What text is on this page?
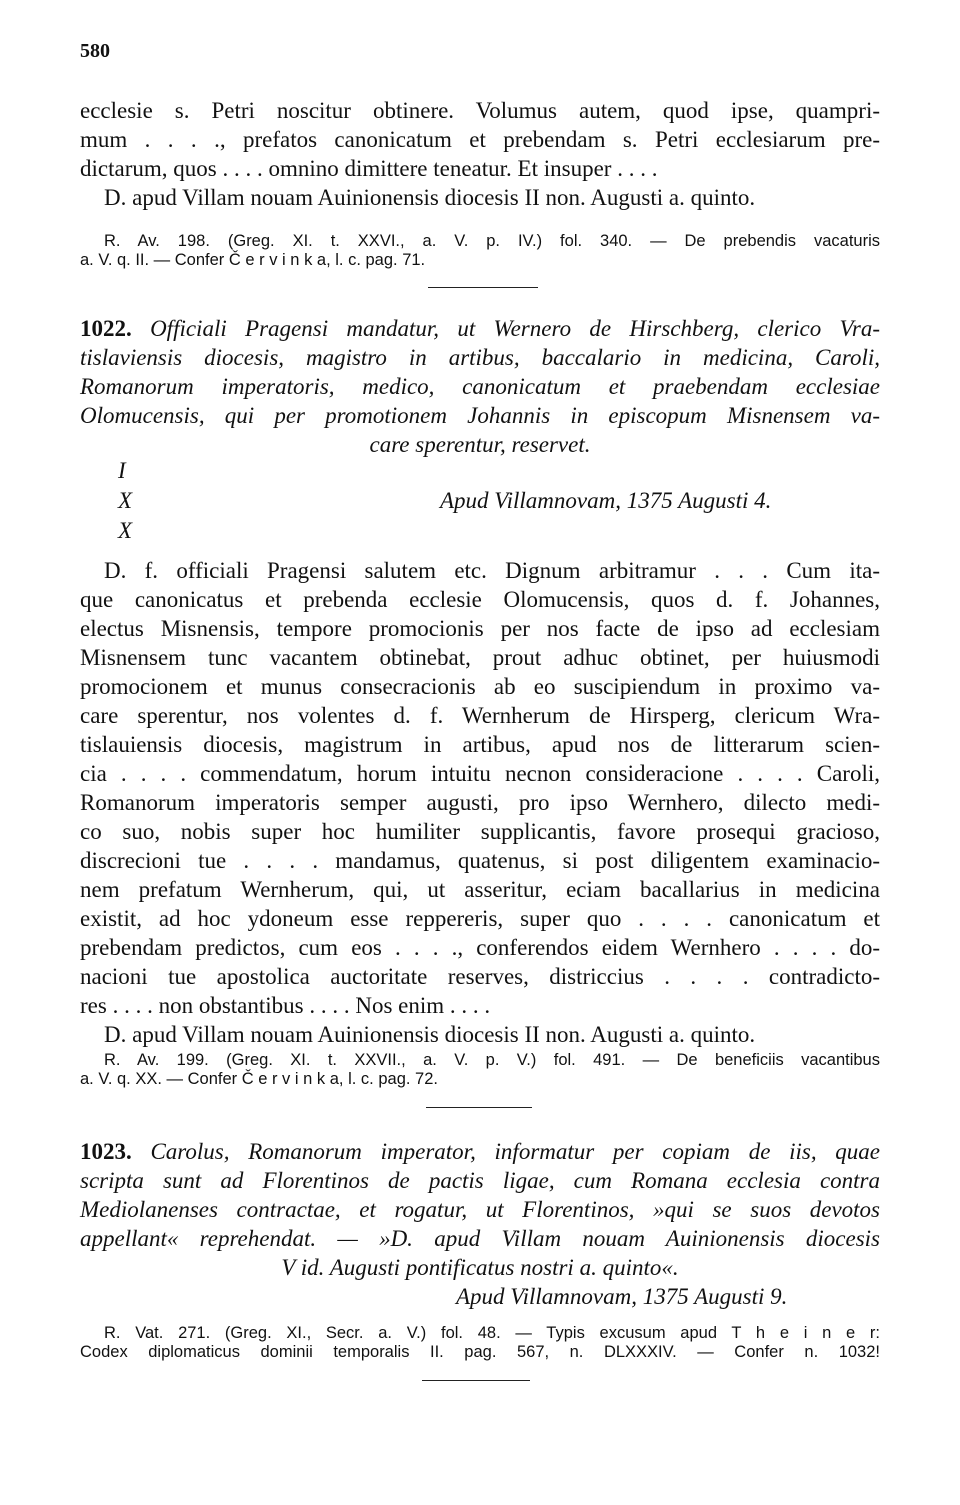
580
ecclesie s. Petri noscitur obtinere. Volumus autem, quod ipse, quampri-
mum . . . ., prefatos canonicatum et prebendam s. Petri ecclesiarum pre-
dictarum, quos . . . . omnino dimittere teneatur. Et insuper . . . .
D. apud Villam nouam Auinionensis diocesis II non. Augusti a. quinto.
R. Av. 198. (Greg. XI. t. XXVI., a. V. p. IV.) fol. 340. — De prebendis vacaturis
a. V. q. II. — Confer Č e r v i n k a, l. c. pag. 71.
1022. Officiali Pragensi mandatur, ut Wernero de Hirschberg, clerico Vra-
tislaviensis diocesis, magistro in artibus, baccalario in medicina, Caroli,
Romanorum imperatoris, medico, canonicatum et praebendam ecclesiae
Olomucensis, qui per promotionem Johannis in episcopum Misnensem va-
care sperentur, reservet.
I
X
X
Apud Villamnovam, 1375 Augusti 4.
D. f. officiali Pragensi salutem etc. Dignum arbitramur . . . Cum ita-
que canonicatus et prebenda ecclesie Olomucensis, quos d. f. Johannes,
electus Misnensis, tempore promocionis per nos facte de ipso ad ecclesiam
Misnensem tunc vacantem obtinebat, prout adhuc obtinet, per huiusmodi
promocionem et munus consecracionis ab eo suscipiendum in proximo va-
care sperentur, nos volentes d. f. Wernherum de Hirsperg, clericum Wra-
tislauiensis diocesis, magistrum in artibus, apud nos de litterarum scien-
cia . . . . commendatum, horum intuitu necnon consideracione . . . . Caroli,
Romanorum imperatoris semper augusti, pro ipso Wernhero, dilecto medi-
co suo, nobis super hoc humiliter supplicantis, favore prosequi gracioso,
discrecioni tue . . . . mandamus, quatenus, si post diligentem examinacio-
nem prefatum Wernherum, qui, ut asseritur, eciam bacallarius in medicina
existit, ad hoc ydoneum esse reppereris, super quo . . . . canonicatum et
prebendam predictos, cum eos . . . ., conferendos eidem Wernhero . . . . do-
nacioni tue apostolica auctoritate reserves, districcius . . . . contradicto-
res . . . . non obstantibus . . . . Nos enim . . . .
D. apud Villam nouam Auinionensis diocesis II non. Augusti a. quinto.
R. Av. 199. (Greg. XI. t. XXVII., a. V. p. V.) fol. 491. — De beneficiis vacantibus
a. V. q. XX. — Confer Č e r v i n k a, l. c. pag. 72.
1023. Carolus, Romanorum imperator, informatur per copiam de iis, quae
scripta sunt ad Florentinos de pactis ligae, cum Romana ecclesia contra
Mediolanenses contractae, et rogatur, ut Florentinos, »qui se suos devotos
appellant« reprehendat. — »D. apud Villam nouam Auinionensis diocesis
V id. Augusti pontificatus nostri a. quinto«.
Apud Villamnovam, 1375 Augusti 9.
R. Vat. 271. (Greg. XI., Secr. a. V.) fol. 48. — Typis excusum apud T h e i n e r:
Codex diplomaticus dominii temporalis II. pag. 567, n. DLXXXIV. — Confer n. 1032!
